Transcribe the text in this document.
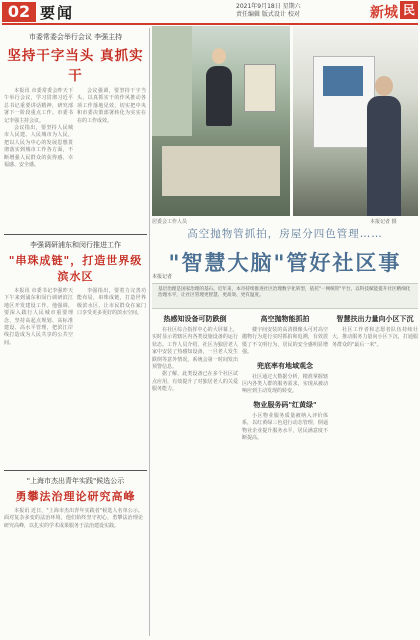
02 要闻	2021年9月18日 星期六
责任编辑 版式设计 校对	新城 民
市委常委会举行会议 李强主持
坚持干字当头 真抓实干

本报讯 市委常委会昨天下午举行会议，学习贯彻习近平总书记重要讲话精神，研究部署下一阶段重点工作。市委书记李强主持会议。

会议指出，要坚持人民城市人民建、人民城市为人民，把以人民为中心的发展思想贯彻落实到城市工作各方面，不断增强人民群众的获得感、幸福感、安全感。

会议强调，要坚持干字当头，以真抓实干的作风推动各项工作落地见效，切实把中央和市委决策部署转化为实实在在的工作成效。

李强调研浦东和闵行推进工作
"串珠成链"，打造世界级滨水区

本报讯 市委书记李强昨天下午来到浦东和闵行调研滨江地区开发建设工作。他强调，要深入践行人民城市重要理念，坚持高起点规划、高标准建设、高水平管理，把滨江岸线打造成为人民共享的公共空间。

李强指出，要着力完善功能布局，串珠成链，打造世界级滨水区，让市民群众在家门口享受更多更好的滨水空间。

"上海市杰出青年实践"候选公示
勇攀法治理论研究高峰

本报讯 近日，"上海市杰出青年实践者"候选人名单公示。面对复杂多变的法治环境，他们始终坚守初心，勇攀法治理论研究高峰，以扎实的学术成果服务于法治建设实践。

居委会工作人员	本报记者 摄
高空抛物管抓拍，房屋分四色管理……
"智慧大脑"管好社区事
本报记者

基层治理是国家治理的基石。近年来，本市持续推进社区治理数字化转型，依托"一网统管"平台，以科技赋能提升社区精细化治理水平，让社区管理更智慧、更高效、更有温度。

热感知设备可防跌倒

在社区综合指挥中心的大屏幕上，实时显示着辖区内各类设施设备的运行状态。工作人员介绍，社区为独居老人家中安装了热感知设备，一旦老人发生跌倒等意外情况，系统会第一时间发出预警信息。

据了解，此类设备已在多个社区试点应用，有效提升了对独居老人的关爱服务能力。

高空抛物能抓拍

楼宇间安装的高清摄像头可对高空抛物行为进行实时抓拍和追溯，有效震慑了不文明行为，居民的安全感明显增强。

兜底率有地域观念

社区通过大数据分析，精准掌握辖区内各类人群的服务需求，实现从被动响应到主动发现的转变。

物业服务码"红黄绿"

小区物业服务质量被纳入评价体系，以红黄绿三色进行动态管理，倒逼物业企业提升服务水平，居民满意度不断提高。

智慧扶出力量向小区下沉

社区工作者和志愿者队伍持续壮大，推动服务力量向小区下沉，打通服务群众的"最后一米"。
